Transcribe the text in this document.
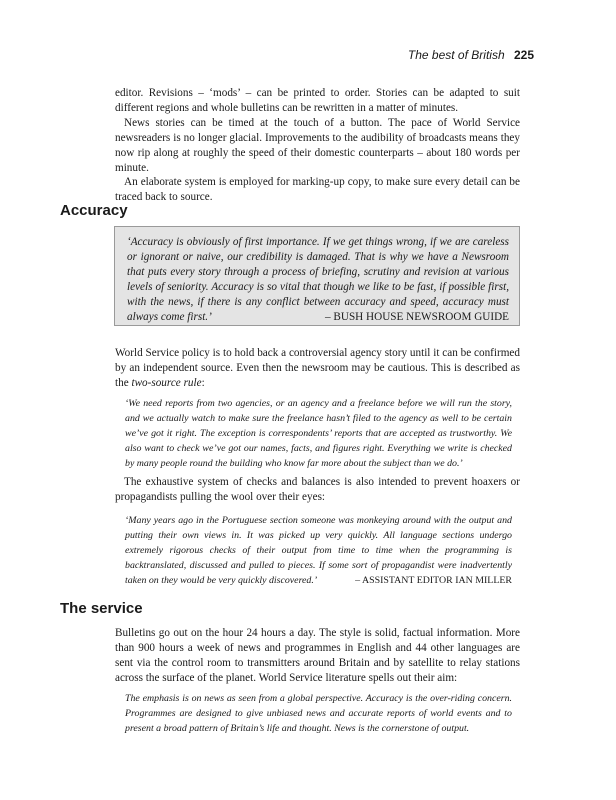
The best of British 225

editor. Revisions – ‘mods’ – can be printed to order. Stories can be adapted to suit different regions and whole bulletins can be rewritten in a matter of minutes.

News stories can be timed at the touch of a button. The pace of World Service newsreaders is no longer glacial. Improvements to the audibility of broadcasts means they now rip along at roughly the speed of their domestic counterparts – about 180 words per minute.

An elaborate system is employed for marking-up copy, to make sure every detail can be traced back to source.

Accuracy

‘Accuracy is obviously of first importance. If we get things wrong, if we are careless or ignorant or naive, our credibility is damaged. That is why we have a Newsroom that puts every story through a process of briefing, scrutiny and revision at various levels of seniority. Accuracy is so vital that though we like to be fast, if possible first, with the news, if there is any conflict between accuracy and speed, accuracy must always come first.’	– BUSH HOUSE NEWSROOM GUIDE

World Service policy is to hold back a controversial agency story until it can be confirmed by an independent source. Even then the newsroom may be cautious. This is described as the two-source rule:

‘We need reports from two agencies, or an agency and a freelance before we will run the story, and we actually watch to make sure the freelance hasn’t filed to the agency as well to be certain we’ve got it right. The exception is correspondents’ reports that are accepted as trustworthy. We also want to check we’ve got our names, facts, and figures right. Everything we write is checked by many people round the building who know far more about the subject than we do.’

The exhaustive system of checks and balances is also intended to prevent hoaxers or propagandists pulling the wool over their eyes:

‘Many years ago in the Portuguese section someone was monkeying around with the output and putting their own views in. It was picked up very quickly. All language sections undergo extremely rigorous checks of their output from time to time when the programming is backtranslated, discussed and pulled to pieces. If some sort of propagandist were inadvertently taken on they would be very quickly discovered.’	– ASSISTANT EDITOR IAN MILLER

The service

Bulletins go out on the hour 24 hours a day. The style is solid, factual information. More than 900 hours a week of news and programmes in English and 44 other languages are sent via the control room to transmitters around Britain and by satellite to relay stations across the surface of the planet. World Service literature spells out their aim:

The emphasis is on news as seen from a global perspective. Accuracy is the over-riding concern. Programmes are designed to give unbiased news and accurate reports of world events and to present a broad pattern of Britain’s life and thought. News is the cornerstone of output.
